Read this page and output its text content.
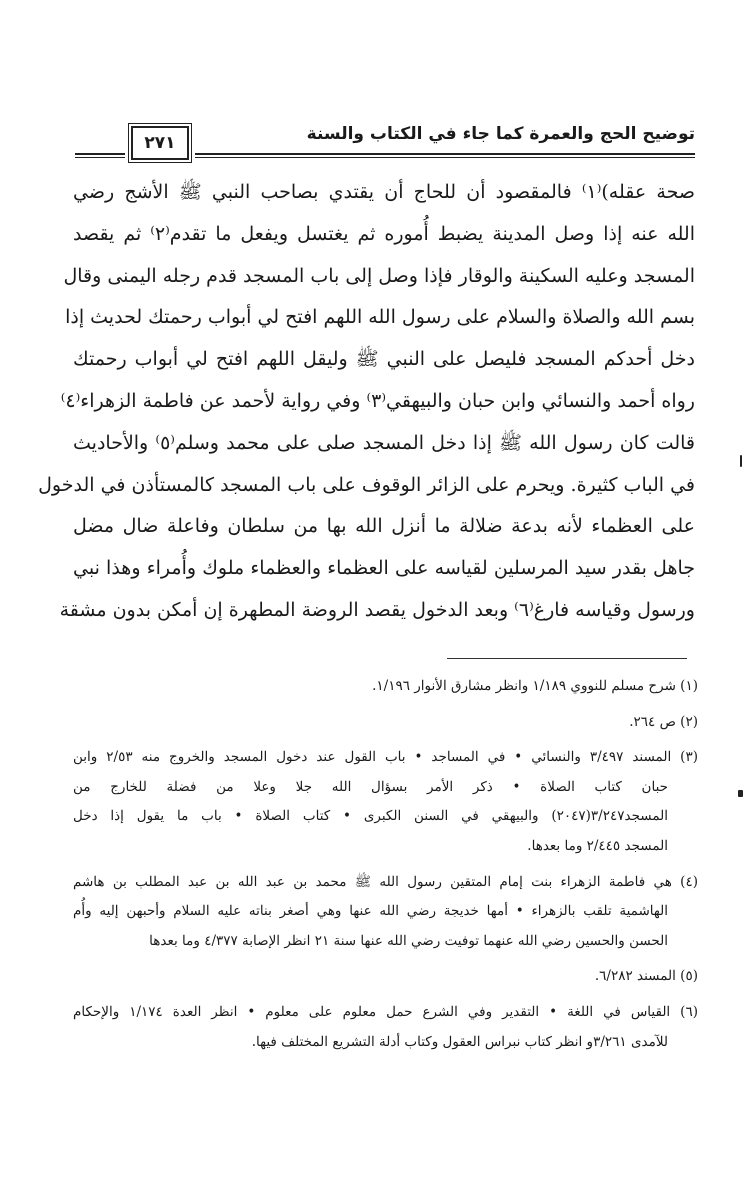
توضيح الحج والعمرة كما جاء في الكتاب والسنة
٢٧١
صحة عقله)⁽١⁾ فالمقصود أن للحاج أن يقتدي بصاحب النبي ﷺ الأشج رضي
الله عنه إذا وصل المدينة يضبط أُموره ثم يغتسل ويفعل ما تقدم⁽٢⁾ ثم يقصد
المسجد وعليه السكينة والوقار فإذا وصل إلى باب المسجد قدم رجله اليمنى وقال
بسم الله والصلاة والسلام على رسول الله اللهم افتح لي أبواب رحمتك لحديث إذا
دخل أحدكم المسجد فليصل على النبي ﷺ وليقل اللهم افتح لي أبواب رحمتك
رواه أحمد والنسائي وابن حبان والبيهقي⁽٣⁾ وفي رواية لأحمد عن فاطمة الزهراء⁽٤⁾
قالت كان رسول الله ﷺ إذا دخل المسجد صلى على محمد وسلم⁽٥⁾ والأحاديث
في الباب كثيرة. ويحرم على الزائر الوقوف على باب المسجد كالمستأذن في الدخول
على العظماء لأنه بدعة ضلالة ما أنزل الله بها من سلطان وفاعلة ضال مضل
جاهل بقدر سيد المرسلين لقياسه على العظماء والعظماء ملوك وأُمراء وهذا نبي
ورسول وقياسه فارغ⁽٦⁾ وبعد الدخول يقصد الروضة المطهرة إن أمكن بدون مشقة
(١) شرح مسلم للنووي ١/١٨٩ وانظر مشارق الأنوار ١/١٩٦.
(٢) ص ٢٦٤.
(٣) المسند ٣/٤٩٧ والنسائي • في المساجد • باب القول عند دخول المسجد والخروج منه ٢/٥٣ وابن
حبان كتاب الصلاة • ذكر الأمر بسؤال الله جلا وعلا من فضلة للخارج من
المسجد٣/٢٤٧(٢٠٤٧) والبيهقي في السنن الكبرى • كتاب الصلاة • باب ما يقول إذا دخل
المسجد ٢/٤٤٥ وما بعدها.
(٤) هي فاطمة الزهراء بنت إمام المتقين رسول الله ﷺ محمد بن عبد الله بن عبد المطلب بن هاشم
الهاشمية تلقب بالزهراء • أمها خديجة رضي الله عنها وهي أصغر بناته عليه السلام وأحبهن إليه وأُم
الحسن والحسين رضي الله عنهما توفيت رضي الله عنها سنة ٢١ انظر الإصابة ٤/٣٧٧ وما بعدها
(٥) المسند ٦/٢٨٢.
(٦) القياس في اللغة • التقدير وفي الشرع حمل معلوم على معلوم • انظر العدة ١/١٧٤ والإحكام
للآمدى ٣/٢٦١و انظر كتاب نبراس العقول وكتاب أدلة التشريع المختلف فيها.
